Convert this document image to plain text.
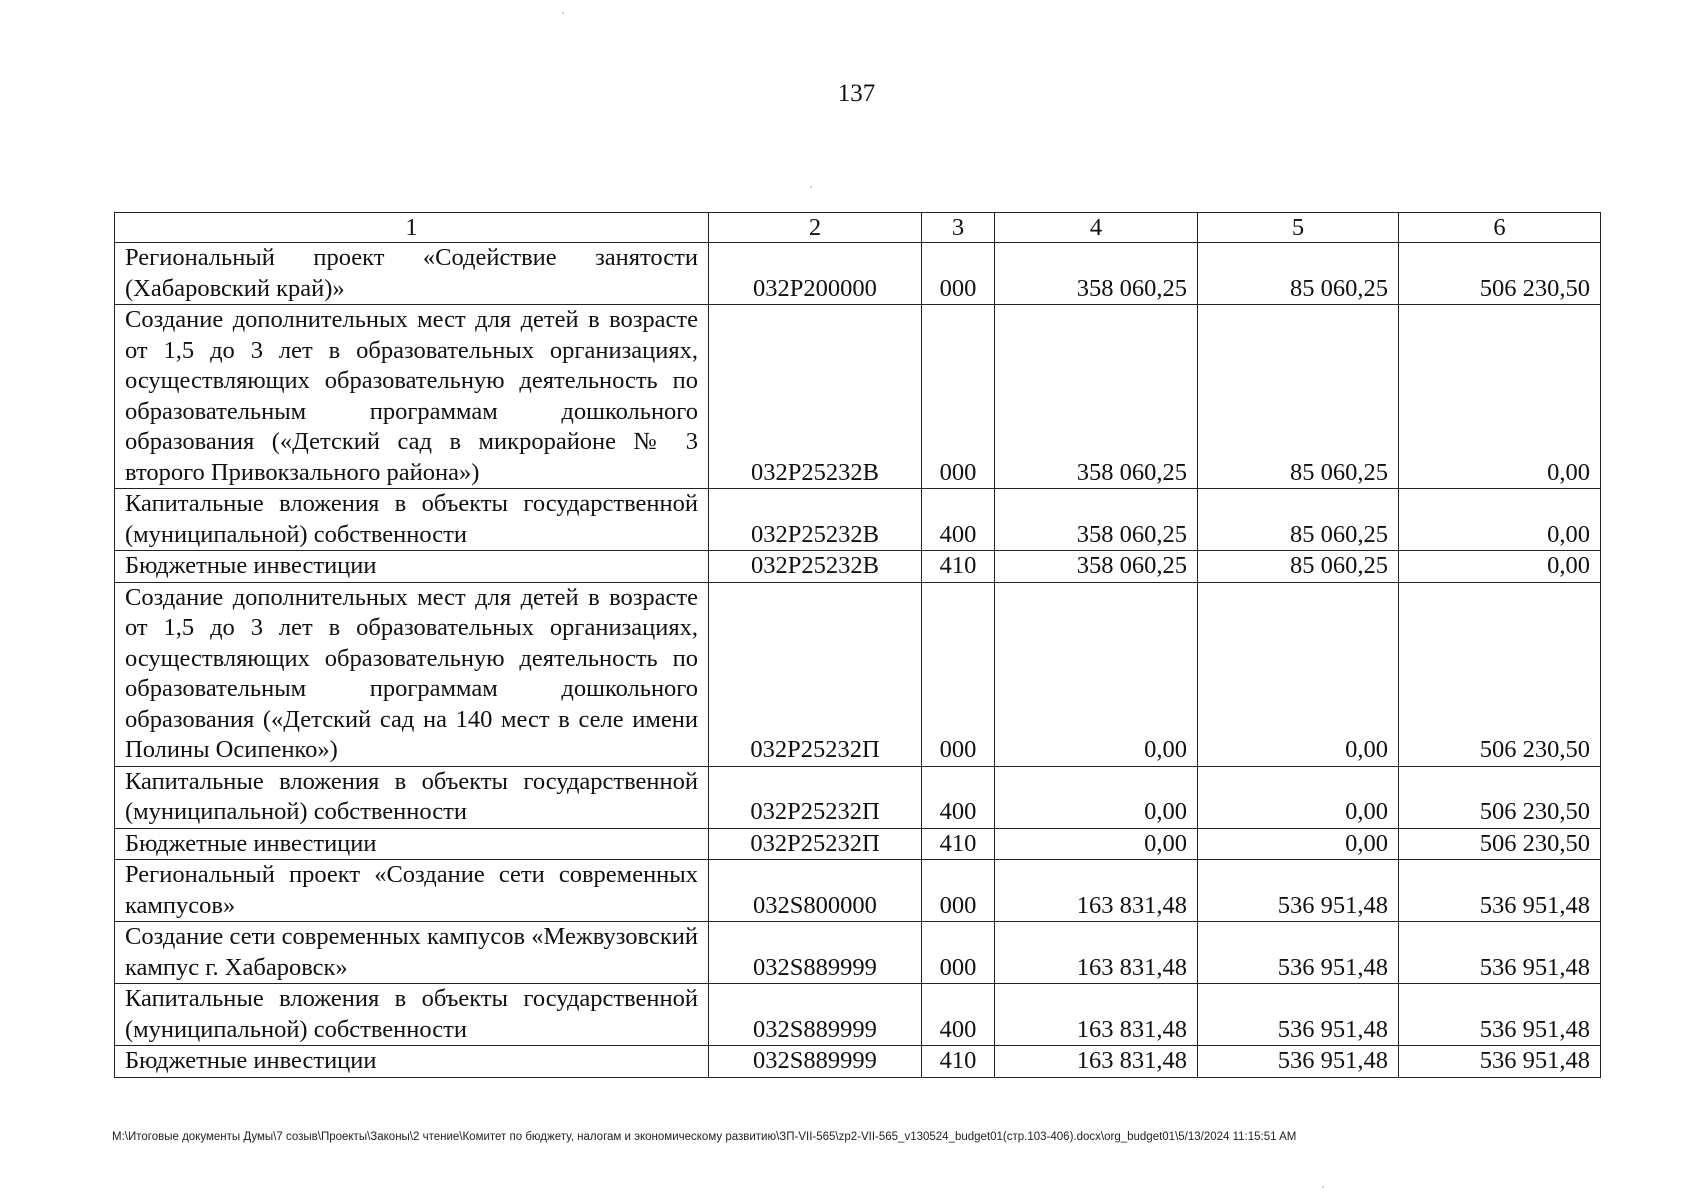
137
1	2	3	4	5	6
Региональный проект «Содействие занятости (Хабаровский край)»	032P200000	000	358 060,25	85 060,25	506 230,50
Создание дополнительных мест для детей в возрасте от 1,5 до 3 лет в образовательных организациях, осуществляющих образовательную деятельность по образовательным программам дошкольного образования («Детский сад в микрорайоне № 3 второго Привокзального района»)	032P25232B	000	358 060,25	85 060,25	0,00
Капитальные вложения в объекты государственной (муниципальной) собственности	032P25232B	400	358 060,25	85 060,25	0,00
Бюджетные инвестиции	032P25232B	410	358 060,25	85 060,25	0,00
Создание дополнительных мест для детей в возрасте от 1,5 до 3 лет в образовательных организациях, осуществляющих образовательную деятельность по образовательным программам дошкольного образования («Детский сад на 140 мест в селе имени Полины Осипенко»)	032P25232П	000	0,00	0,00	506 230,50
Капитальные вложения в объекты государственной (муниципальной) собственности	032P25232П	400	0,00	0,00	506 230,50
Бюджетные инвестиции	032P25232П	410	0,00	0,00	506 230,50
Региональный проект «Создание сети современных кампусов»	032S800000	000	163 831,48	536 951,48	536 951,48
Создание сети современных кампусов «Межвузовский кампус г. Хабаровск»	032S889999	000	163 831,48	536 951,48	536 951,48
Капитальные вложения в объекты государственной (муниципальной) собственности	032S889999	400	163 831,48	536 951,48	536 951,48
Бюджетные инвестиции	032S889999	410	163 831,48	536 951,48	536 951,48
M:\Итоговые документы Думы\7 созыв\Проекты\Законы\2 чтение\Комитет по бюджету, налогам и экономическому развитию\ЗП-VII-565\zp2-VII-565_v130524_budget01(стр.103-406).docx\org_budget01\5/13/2024 11:15:51 AM
